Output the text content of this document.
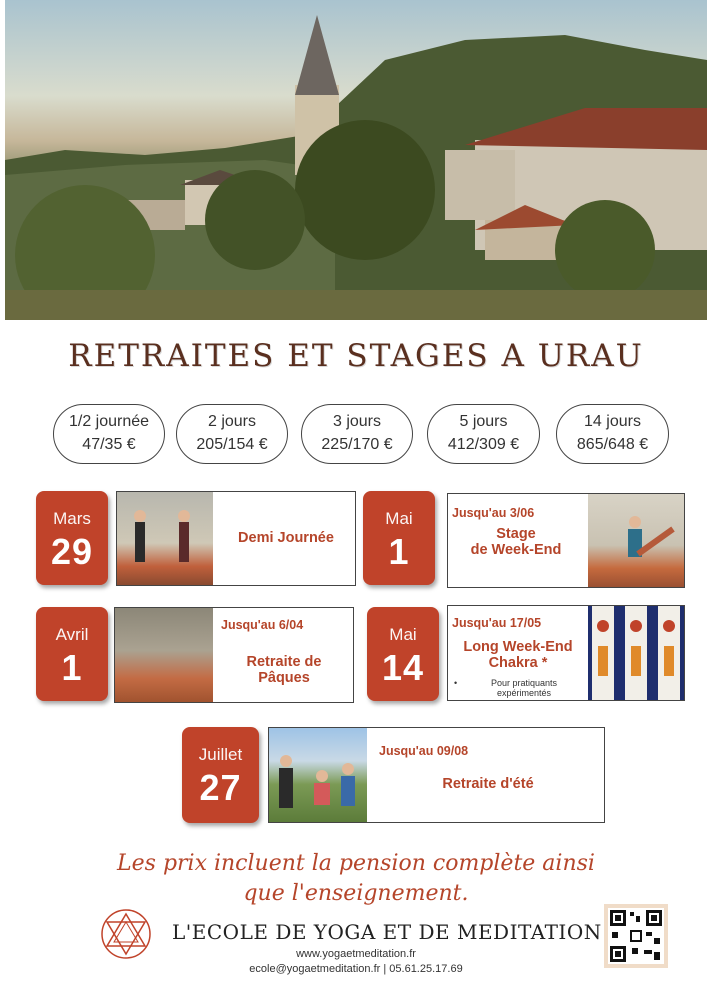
RETRAITES ET STAGES A URAU
1/2 journée
47/35 €
2 jours
205/154 €
3 jours
225/170 €
5 jours
412/309 €
14 jours
865/648 €
Mars
29	Demi Journée
Mai
1
Jusqu'au 3/06
Stage
de Week-End
Avril
1
Jusqu'au 6/04
Retraite de
Pâques
Mai
14
Jusqu'au 17/05
Long Week-End
Chakra *
•	Pour pratiquants
expérimentés
Juillet
27
Jusqu'au 09/08
Retraite d'été
Les prix incluent la pension complète ainsi
que l'enseignement.
L'ECOLE DE YOGA ET DE MEDITATION
www.yogaetmeditation.fr
ecole@yogaetmeditation.fr | 05.61.25.17.69
